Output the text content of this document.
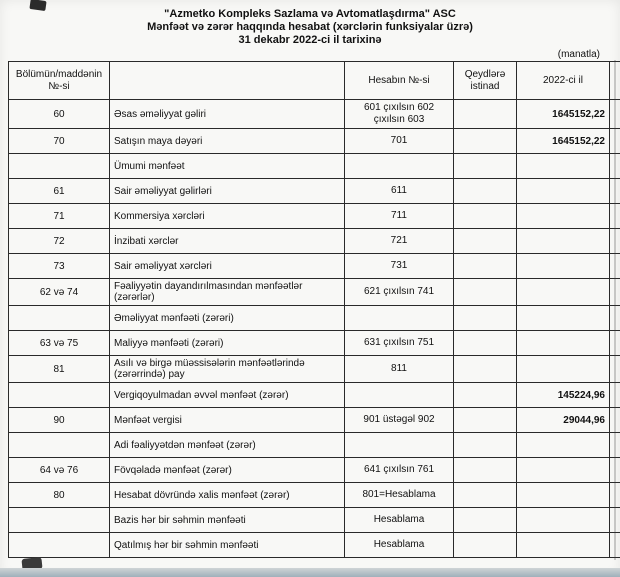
"Azmetko Kompleks Sazlama və Avtomatlaşdırma" ASC
Mənfəət və zərər haqqında hesabat (xərclərin funksiyalar üzrə)
31 dekabr 2022-ci il tarixinə
(manatla)
Bölümün/maddənin №-si		Hesabın №-si	Qeydlərə istinad	2022-ci il	
60	Əsas əməliyyat gəliri	601 çıxılsın 602 çıxılsın 603		1645152,22	
70	Satışın maya dəyəri	701		1645152,22	
	Ümumi mənfəət				
61	Sair əməliyyat gəlirləri	611			
71	Kommersiya xərcləri	711			
72	İnzibati xərclər	721			
73	Sair əməliyyat xərcləri	731			
62 və 74	Fəaliyyətin dayandırılmasından mənfəətlər (zərərlər)	621 çıxılsın 741			
	Əməliyyat mənfəəti (zərəri)				
63 və 75	Maliyyə mənfəəti (zərəri)	631 çıxılsın 751			
81	Asılı və birgə müəssisələrin mənfəətlərində (zərərrində) pay	811			
	Vergiqoyulmadan əvvəl mənfəət (zərər)			145224,96	
90	Mənfəət vergisi	901 üstəgəl 902		29044,96	
	Adi fəaliyyətdən mənfəət (zərər)				
64 və 76	Fövqəladə mənfəət (zərər)	641 çıxılsın 761			
80	Hesabat dövründə xalis mənfəət (zərər)	801=Hesablama			
	Bazis hər bir səhmin mənfəəti	Hesablama			
	Qatılmış hər bir səhmin mənfəəti	Hesablama			
